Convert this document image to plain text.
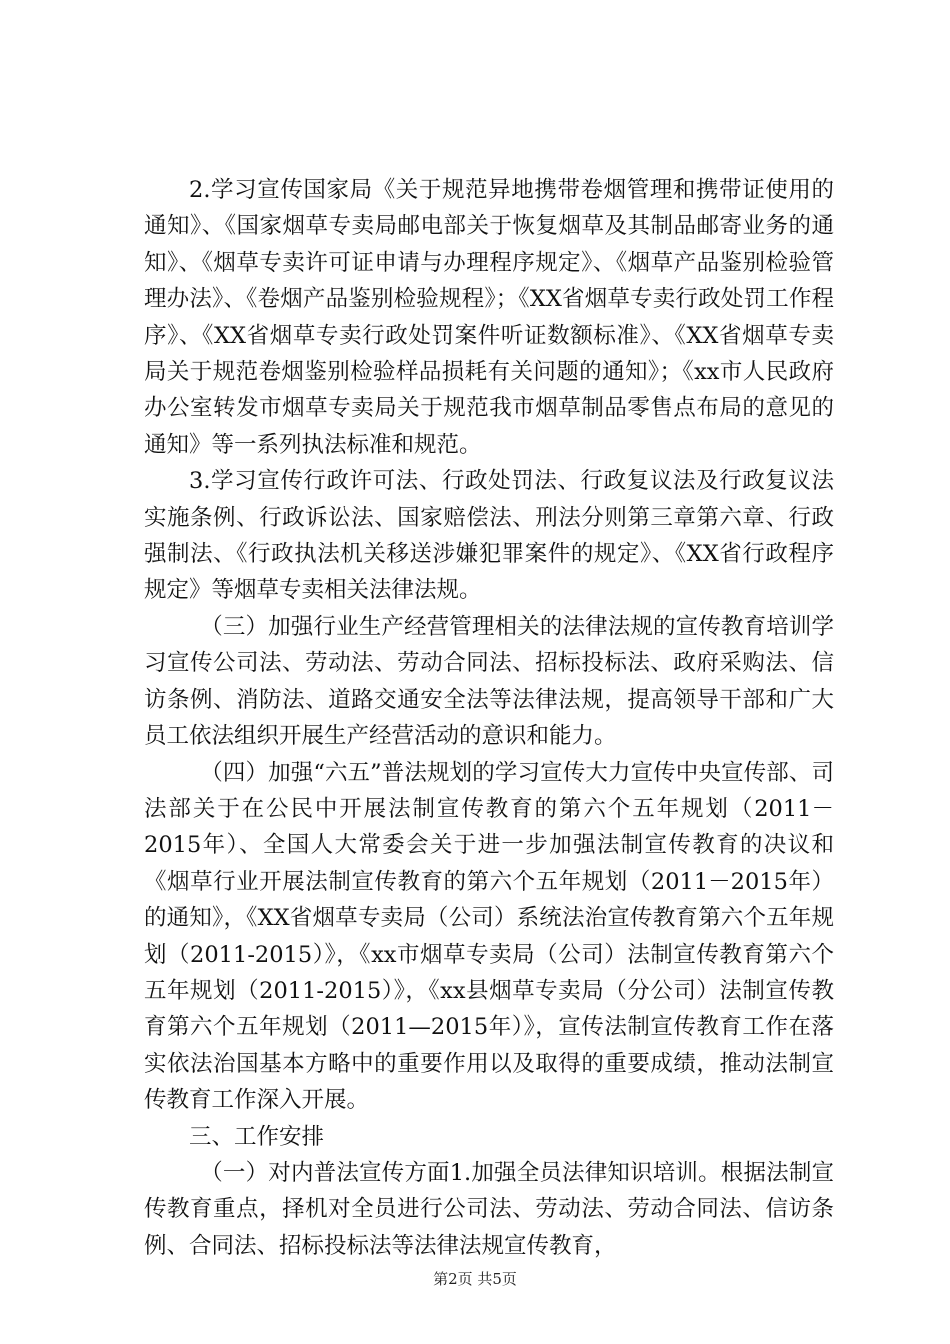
2.学习宣传国家局《关于规范异地携带卷烟管理和携带证使用的通知》、《国家烟草专卖局邮电部关于恢复烟草及其制品邮寄业务的通知》、《烟草专卖许可证申请与办理程序规定》、《烟草产品鉴别检验管理办法》、《卷烟产品鉴别检验规程》；《XX省烟草专卖行政处罚工作程序》、《XX省烟草专卖行政处罚案件听证数额标准》、《XX省烟草专卖局关于规范卷烟鉴别检验样品损耗有关问题的通知》；《xx市人民政府办公室转发市烟草专卖局关于规范我市烟草制品零售点布局的意见的通知》等一系列执法标准和规范。

3.学习宣传行政许可法、行政处罚法、行政复议法及行政复议法实施条例、行政诉讼法、国家赔偿法、刑法分则第三章第六章、行政强制法、《行政执法机关移送涉嫌犯罪案件的规定》、《XX省行政程序规定》等烟草专卖相关法律法规。

（三）加强行业生产经营管理相关的法律法规的宣传教育培训学习宣传公司法、劳动法、劳动合同法、招标投标法、政府采购法、信访条例、消防法、道路交通安全法等法律法规，提高领导干部和广大员工依法组织开展生产经营活动的意识和能力。

（四）加强“六五”普法规划的学习宣传大力宣传中央宣传部、司法部关于在公民中开展法制宣传教育的第六个五年规划（2011－2015年）、全国人大常委会关于进一步加强法制宣传教育的决议和《烟草行业开展法制宣传教育的第六个五年规划（2011－2015年）的通知》，《XX省烟草专卖局（公司）系统法治宣传教育第六个五年规划（2011-2015）》，《xx市烟草专卖局（公司）法制宣传教育第六个五年规划（2011-2015）》，《xx县烟草专卖局（分公司）法制宣传教育第六个五年规划（2011—2015年）》，宣传法制宣传教育工作在落实依法治国基本方略中的重要作用以及取得的重要成绩，推动法制宣传教育工作深入开展。

三、工作安排

（一）对内普法宣传方面1.加强全员法律知识培训。根据法制宣传教育重点，择机对全员进行公司法、劳动法、劳动合同法、信访条例、合同法、招标投标法等法律法规宣传教育，

第2页 共5页
